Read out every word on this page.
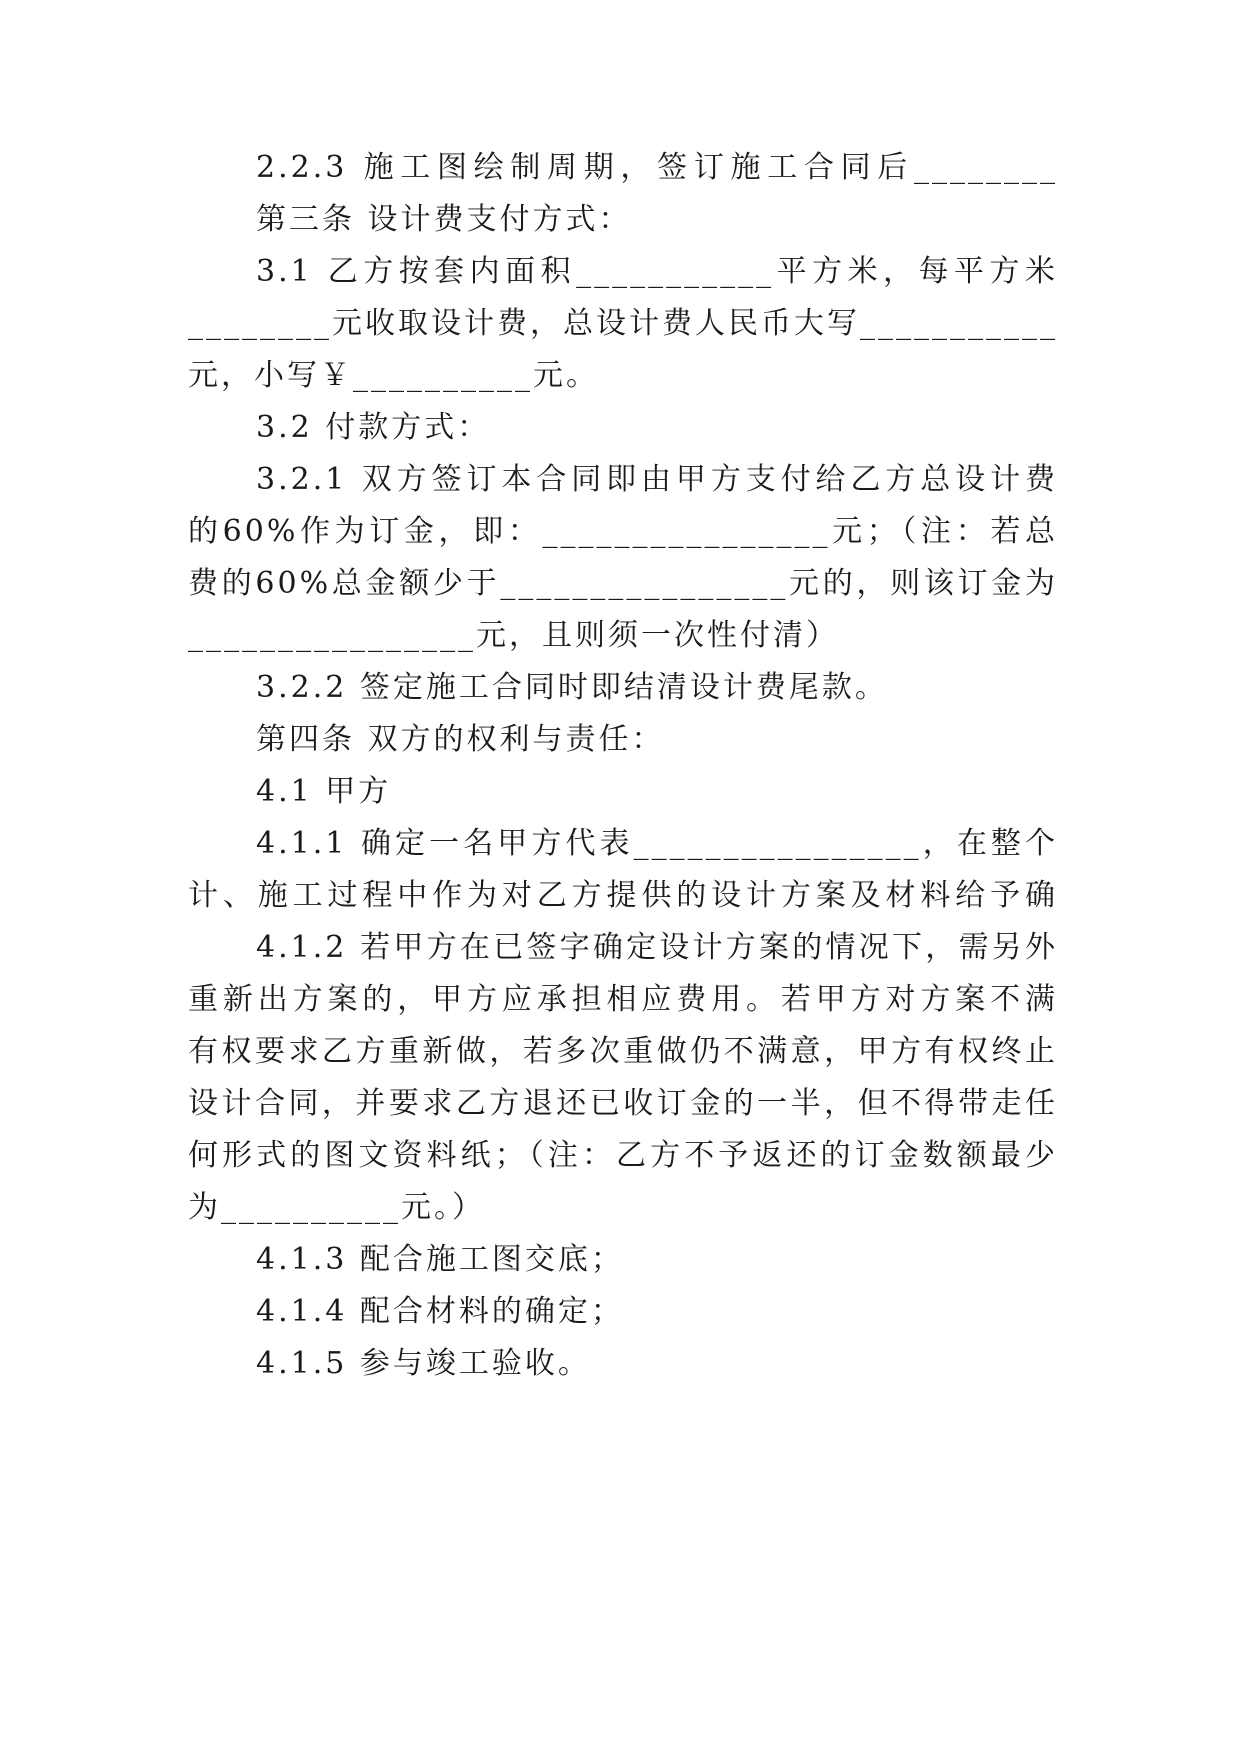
2.2.3 施工图绘制周期，签订施工合同后________
第三条 设计费支付方式：
3.1 乙方按套内面积___________平方米，每平方米
________元收取设计费，总设计费人民币大写___________
元，小写￥__________元。
3.2 付款方式：
3.2.1 双方签订本合同即由甲方支付给乙方总设计费
的60%作为订金，即：________________元；（注：若总
费的60%总金额少于________________元的，则该订金为
________________元，且则须一次性付清）
3.2.2 签定施工合同时即结清设计费尾款。
第四条 双方的权利与责任：
4.1 甲方
4.1.1 确定一名甲方代表________________，在整个
计、施工过程中作为对乙方提供的设计方案及材料给予确
4.1.2 若甲方在已签字确定设计方案的情况下，需另外
重新出方案的，甲方应承担相应费用。若甲方对方案不满
有权要求乙方重新做，若多次重做仍不满意，甲方有权终止
设计合同，并要求乙方退还已收订金的一半，但不得带走任
何形式的图文资料纸；（注：乙方不予返还的订金数额最少
为__________元。）
4.1.3 配合施工图交底；
4.1.4 配合材料的确定；
4.1.5 参与竣工验收。
